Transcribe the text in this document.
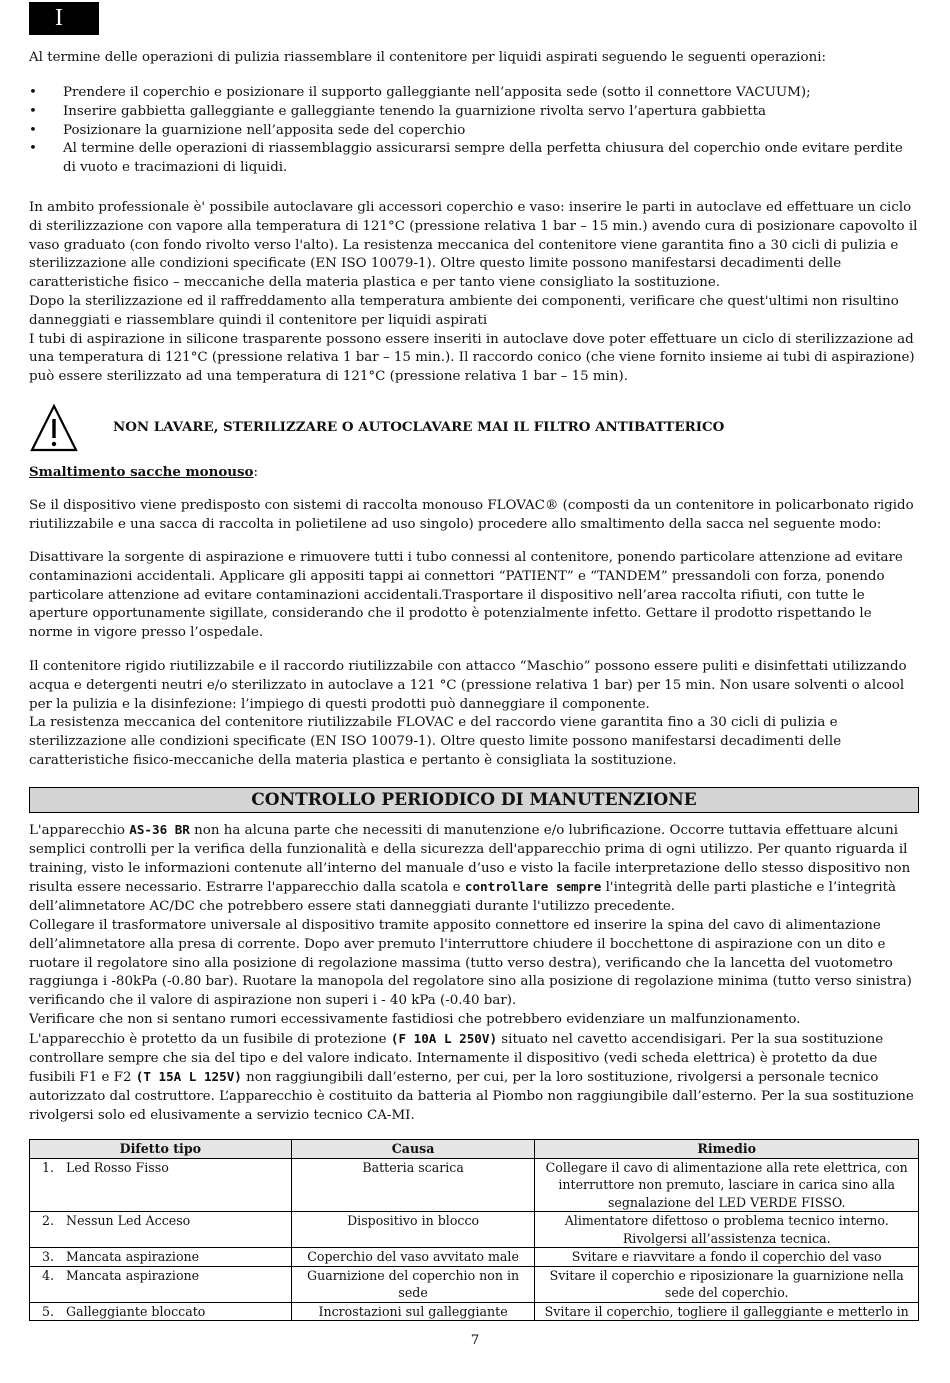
I

Al termine delle operazioni di pulizia riassemblare il contenitore per liquidi aspirati seguendo le seguenti operazioni:

• Prendere il coperchio e posizionare il supporto galleggiante nell’apposita sede (sotto il connettore VACUUM);
• Inserire gabbietta galleggiante e galleggiante tenendo la guarnizione rivolta servo l’apertura gabbietta
• Posizionare la guarnizione nell’apposita sede del coperchio
• Al termine delle operazioni di riassemblaggio assicurarsi sempre della perfetta chiusura del coperchio onde evitare perdite di vuoto e tracimazioni di liquidi.

In ambito professionale è' possibile autoclavare gli accessori coperchio e vaso: inserire le parti in autoclave ed effettuare un ciclo di sterilizzazione con vapore alla temperatura di 121°C (pressione relativa 1 bar – 15 min.) avendo cura di posizionare capovolto il vaso graduato (con fondo rivolto verso l'alto). La resistenza meccanica del contenitore viene garantita fino a 30 cicli di pulizia e sterilizzazione alle condizioni specificate (EN ISO 10079-1). Oltre questo limite possono manifestarsi decadimenti delle caratteristiche fisico – meccaniche della materia plastica e per tanto viene consigliato la sostituzione.

Dopo la sterilizzazione ed il raffreddamento alla temperatura ambiente dei componenti, verificare che quest'ultimi non risultino danneggiati e riassemblare quindi il contenitore per liquidi aspirati

I tubi di aspirazione in silicone trasparente possono essere inseriti in autoclave dove poter effettuare un ciclo di sterilizzazione ad una temperatura di 121°C (pressione relativa 1 bar – 15 min.). Il raccordo conico (che viene fornito insieme ai tubi di aspirazione) può essere sterilizzato ad una temperatura di 121°C (pressione relativa 1 bar – 15 min).

NON LAVARE, STERILIZZARE O AUTOCLAVARE MAI IL FILTRO ANTIBATTERICO

Smaltimento sacche monouso:

Se il dispositivo viene predisposto con sistemi di raccolta monouso FLOVAC® (composti da un contenitore in policarbonato rigido riutilizzabile e una sacca di raccolta in polietilene ad uso singolo) procedere allo smaltimento della sacca nel seguente modo:

Disattivare la sorgente di aspirazione e rimuovere tutti i tubo connessi al contenitore, ponendo particolare attenzione ad evitare contaminazioni accidentali. Applicare gli appositi tappi ai connettori “PATIENT” e “TANDEM” pressandoli con forza, ponendo particolare attenzione ad evitare contaminazioni accidentali.Trasportare il dispositivo nell’area raccolta rifiuti, con tutte le aperture opportunamente sigillate, considerando che il prodotto è potenzialmente infetto. Gettare il prodotto rispettando le norme in vigore presso l’ospedale.

Il contenitore rigido riutilizzabile e il raccordo riutilizzabile con attacco “Maschio” possono essere puliti e disinfettati utilizzando acqua e detergenti neutri e/o sterilizzato in autoclave a 121 °C (pressione relativa 1 bar) per 15 min. Non usare solventi o alcool per la pulizia e la disinfezione: l’impiego di questi prodotti può danneggiare il componente.

La resistenza meccanica del contenitore riutilizzabile FLOVAC e del raccordo viene garantita fino a 30 cicli di pulizia e sterilizzazione alle condizioni specificate (EN ISO 10079-1). Oltre questo limite possono manifestarsi decadimenti delle caratteristiche fisico-meccaniche della materia plastica e pertanto è consigliata la sostituzione.

CONTROLLO PERIODICO DI MANUTENZIONE

L'apparecchio AS-36 BR non ha alcuna parte che necessiti di manutenzione e/o lubrificazione. Occorre tuttavia effettuare alcuni semplici controlli per la verifica della funzionalità e della sicurezza dell'apparecchio prima di ogni utilizzo. Per quanto riguarda il training, visto le informazioni contenute all’interno del manuale d’uso e visto la facile interpretazione dello stesso dispositivo non risulta essere necessario. Estrarre l'apparecchio dalla scatola e controllare sempre l'integrità delle parti plastiche e l’integrità dell’alimnetatore AC/DC che potrebbero essere stati danneggiati durante l'utilizzo precedente.

Collegare il trasformatore universale al dispositivo tramite apposito connettore ed inserire la spina del cavo di alimentazione dell’alimnetatore alla presa di corrente. Dopo aver premuto l'interruttore chiudere il bocchettone di aspirazione con un dito e ruotare il regolatore sino alla posizione di regolazione massima (tutto verso destra), verificando che la lancetta del vuotometro raggiunga i -80kPa (-0.80 bar). Ruotare la manopola del regolatore sino alla posizione di regolazione minima (tutto verso sinistra) verificando che il valore di aspirazione non superi i - 40 kPa (-0.40 bar).

Verificare che non si sentano rumori eccessivamente fastidiosi che potrebbero evidenziare un malfunzionamento.

L'apparecchio è protetto da un fusibile di protezione (F 10A L 250V) situato nel cavetto accendisigari. Per la sua sostituzione controllare sempre che sia del tipo e del valore indicato. Internamente il dispositivo (vedi scheda elettrica) è protetto da due fusibili F1 e F2 (T 15A L 125V) non raggiungibili dall’esterno, per cui, per la loro sostituzione, rivolgersi a personale tecnico autorizzato dal costruttore. L’apparecchio è costituito da batteria al Piombo non raggiungibile dall’esterno. Per la sua sostituzione rivolgersi solo ed elusivamente a servizio tecnico CA-MI.

Difetto tipo	Causa	Rimedio
1. Led Rosso Fisso	Batteria scarica	Collegare il cavo di alimentazione alla rete elettrica, con interruttore non premuto, lasciare in carica sino alla segnalazione del LED VERDE FISSO.
2. Nessun Led Acceso	Dispositivo in blocco	Alimentatore difettoso o problema tecnico interno. Rivolgersi all’assistenza tecnica.
3. Mancata aspirazione	Coperchio del vaso avvitato male	Svitare e riavvitare a fondo il coperchio del vaso
4. Mancata aspirazione	Guarnizione del coperchio non in sede	Svitare il coperchio e riposizionare la guarnizione nella sede del coperchio.
5. Galleggiante bloccato	Incrostazioni sul galleggiante	Svitare il coperchio, togliere il galleggiante e metterlo in
7
